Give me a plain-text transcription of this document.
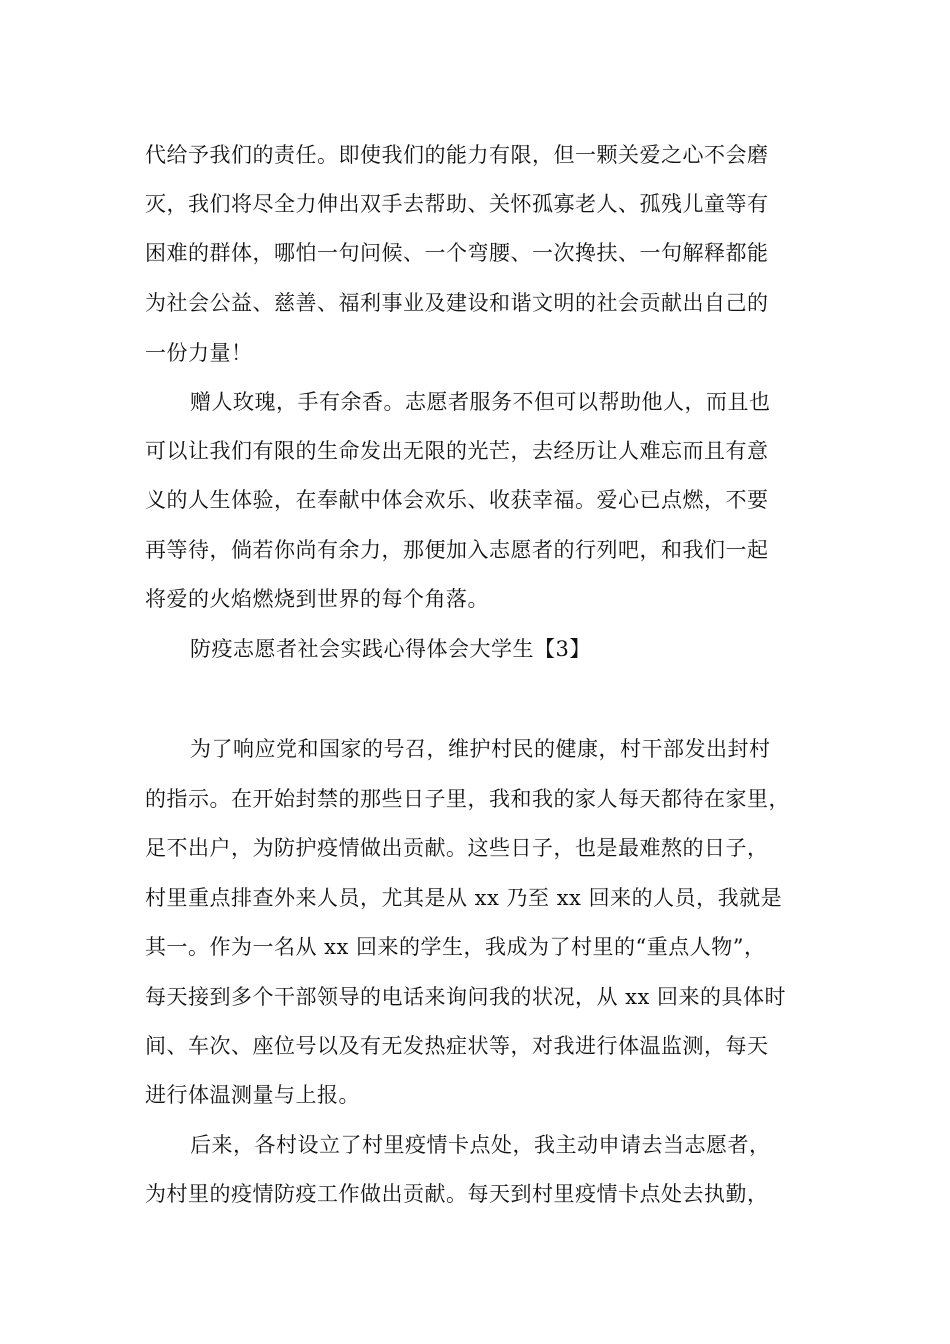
代给予我们的责任。即使我们的能力有限，但一颗关爱之心不会磨
灭，我们将尽全力伸出双手去帮助、关怀孤寡老人、孤残儿童等有
困难的群体，哪怕一句问候、一个弯腰、一次搀扶、一句解释都能
为社会公益、慈善、福利事业及建设和谐文明的社会贡献出自己的
一份力量！
赠人玫瑰，手有余香。志愿者服务不但可以帮助他人，而且也
可以让我们有限的生命发出无限的光芒，去经历让人难忘而且有意
义的人生体验，在奉献中体会欢乐、收获幸福。爱心已点燃，不要
再等待，倘若你尚有余力，那便加入志愿者的行列吧，和我们一起
将爱的火焰燃烧到世界的每个角落。
防疫志愿者社会实践心得体会大学生【3】
为了响应党和国家的号召，维护村民的健康，村干部发出封村
的指示。在开始封禁的那些日子里，我和我的家人每天都待在家里，
足不出户，为防护疫情做出贡献。这些日子，也是最难熬的日子，
村里重点排查外来人员，尤其是从 xx 乃至 xx 回来的人员，我就是
其一。作为一名从 xx 回来的学生，我成为了村里的“重点人物”，
每天接到多个干部领导的电话来询问我的状况，从 xx 回来的具体时
间、车次、座位号以及有无发热症状等，对我进行体温监测，每天
进行体温测量与上报。
后来，各村设立了村里疫情卡点处，我主动申请去当志愿者，
为村里的疫情防疫工作做出贡献。每天到村里疫情卡点处去执勤，
